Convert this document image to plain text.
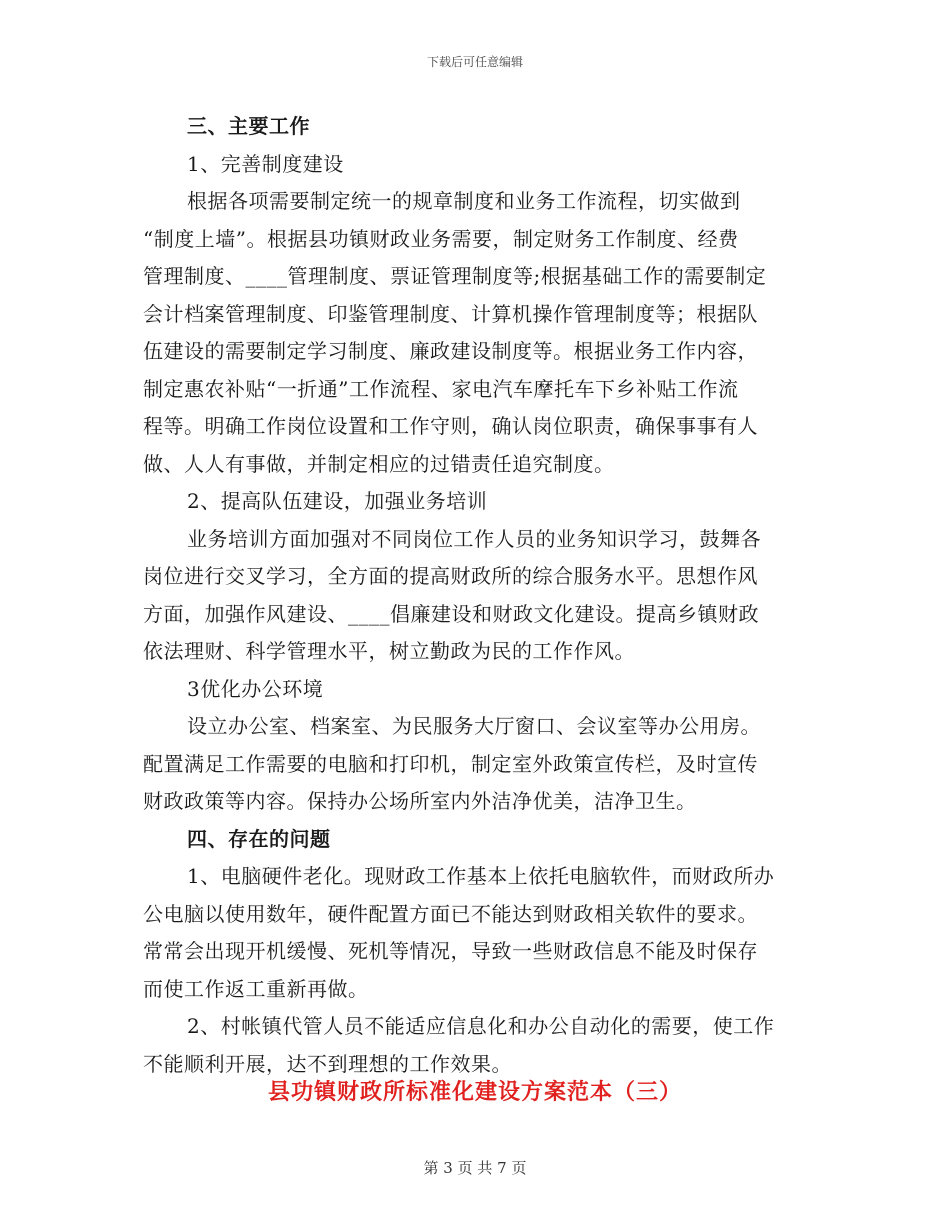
下载后可任意编辑
三、主要工作
1、完善制度建设
根据各项需要制定统一的规章制度和业务工作流程，切实做到
“制度上墙”。根据县功镇财政业务需要，制定财务工作制度、经费
管理制度、____管理制度、票证管理制度等;根据基础工作的需要制定
会计档案管理制度、印鉴管理制度、计算机操作管理制度等；根据队
伍建设的需要制定学习制度、廉政建设制度等。根据业务工作内容，
制定惠农补贴“一折通”工作流程、家电汽车摩托车下乡补贴工作流
程等。明确工作岗位设置和工作守则，确认岗位职责，确保事事有人
做、人人有事做，并制定相应的过错责任追究制度。
2、提高队伍建设，加强业务培训
业务培训方面加强对不同岗位工作人员的业务知识学习，鼓舞各
岗位进行交叉学习，全方面的提高财政所的综合服务水平。思想作风
方面，加强作风建设、____倡廉建设和财政文化建设。提高乡镇财政
依法理财、科学管理水平，树立勤政为民的工作作风。
3优化办公环境
设立办公室、档案室、为民服务大厅窗口、会议室等办公用房。
配置满足工作需要的电脑和打印机，制定室外政策宣传栏，及时宣传
财政政策等内容。保持办公场所室内外洁净优美，洁净卫生。
四、存在的问题
1、电脑硬件老化。现财政工作基本上依托电脑软件，而财政所办
公电脑以使用数年，硬件配置方面已不能达到财政相关软件的要求。
常常会出现开机缓慢、死机等情况，导致一些财政信息不能及时保存
而使工作返工重新再做。
2、村帐镇代管人员不能适应信息化和办公自动化的需要，使工作
不能顺利开展，达不到理想的工作效果。
县功镇财政所标准化建设方案范本（三）
第 3 页 共 7 页
